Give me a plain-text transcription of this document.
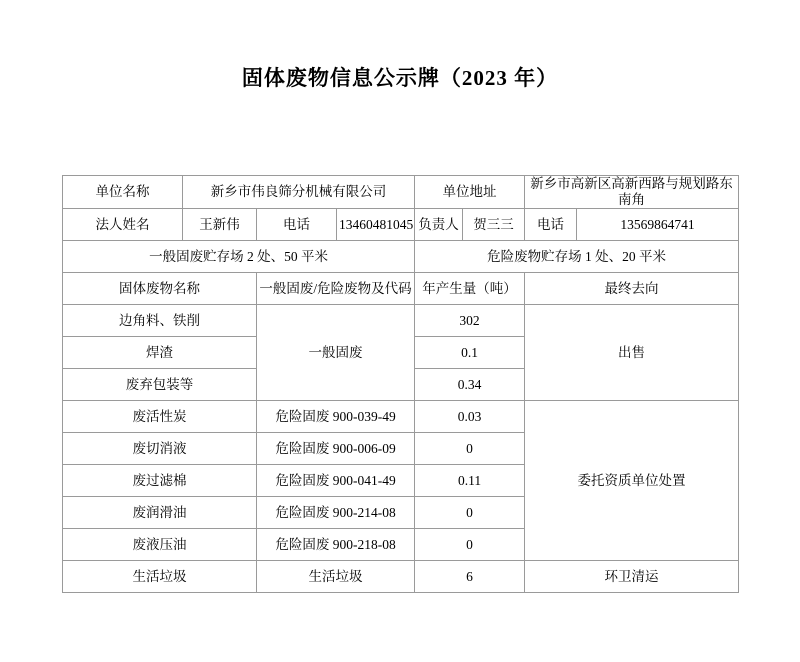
固体废物信息公示牌（2023 年）
单位名称	新乡市伟良筛分机械有限公司			单位地址		新乡市高新区高新西路与规划路东南角	
法人姓名	王新伟	电话	13460481045	负责人	贺三三	电话	13569864741
一般固废贮存场 2 处、50 平米				危险废物贮存场 1 处、20 平米			
固体废物名称		一般固废/危险废物及代码		年产生量（吨）		最终去向	
边角料、铁削		一般固废		302		出售	
焊渣				0.1			
废弃包装等				0.34			
废活性炭		危险固废 900-039-49		0.03		委托资质单位处置	
废切消液		危险固废 900-006-09		0			
废过滤棉		危险固废 900-041-49		0.11			
废润滑油		危险固废 900-214-08		0			
废液压油		危险固废 900-218-08		0			
生活垃圾		生活垃圾		6		环卫清运	
